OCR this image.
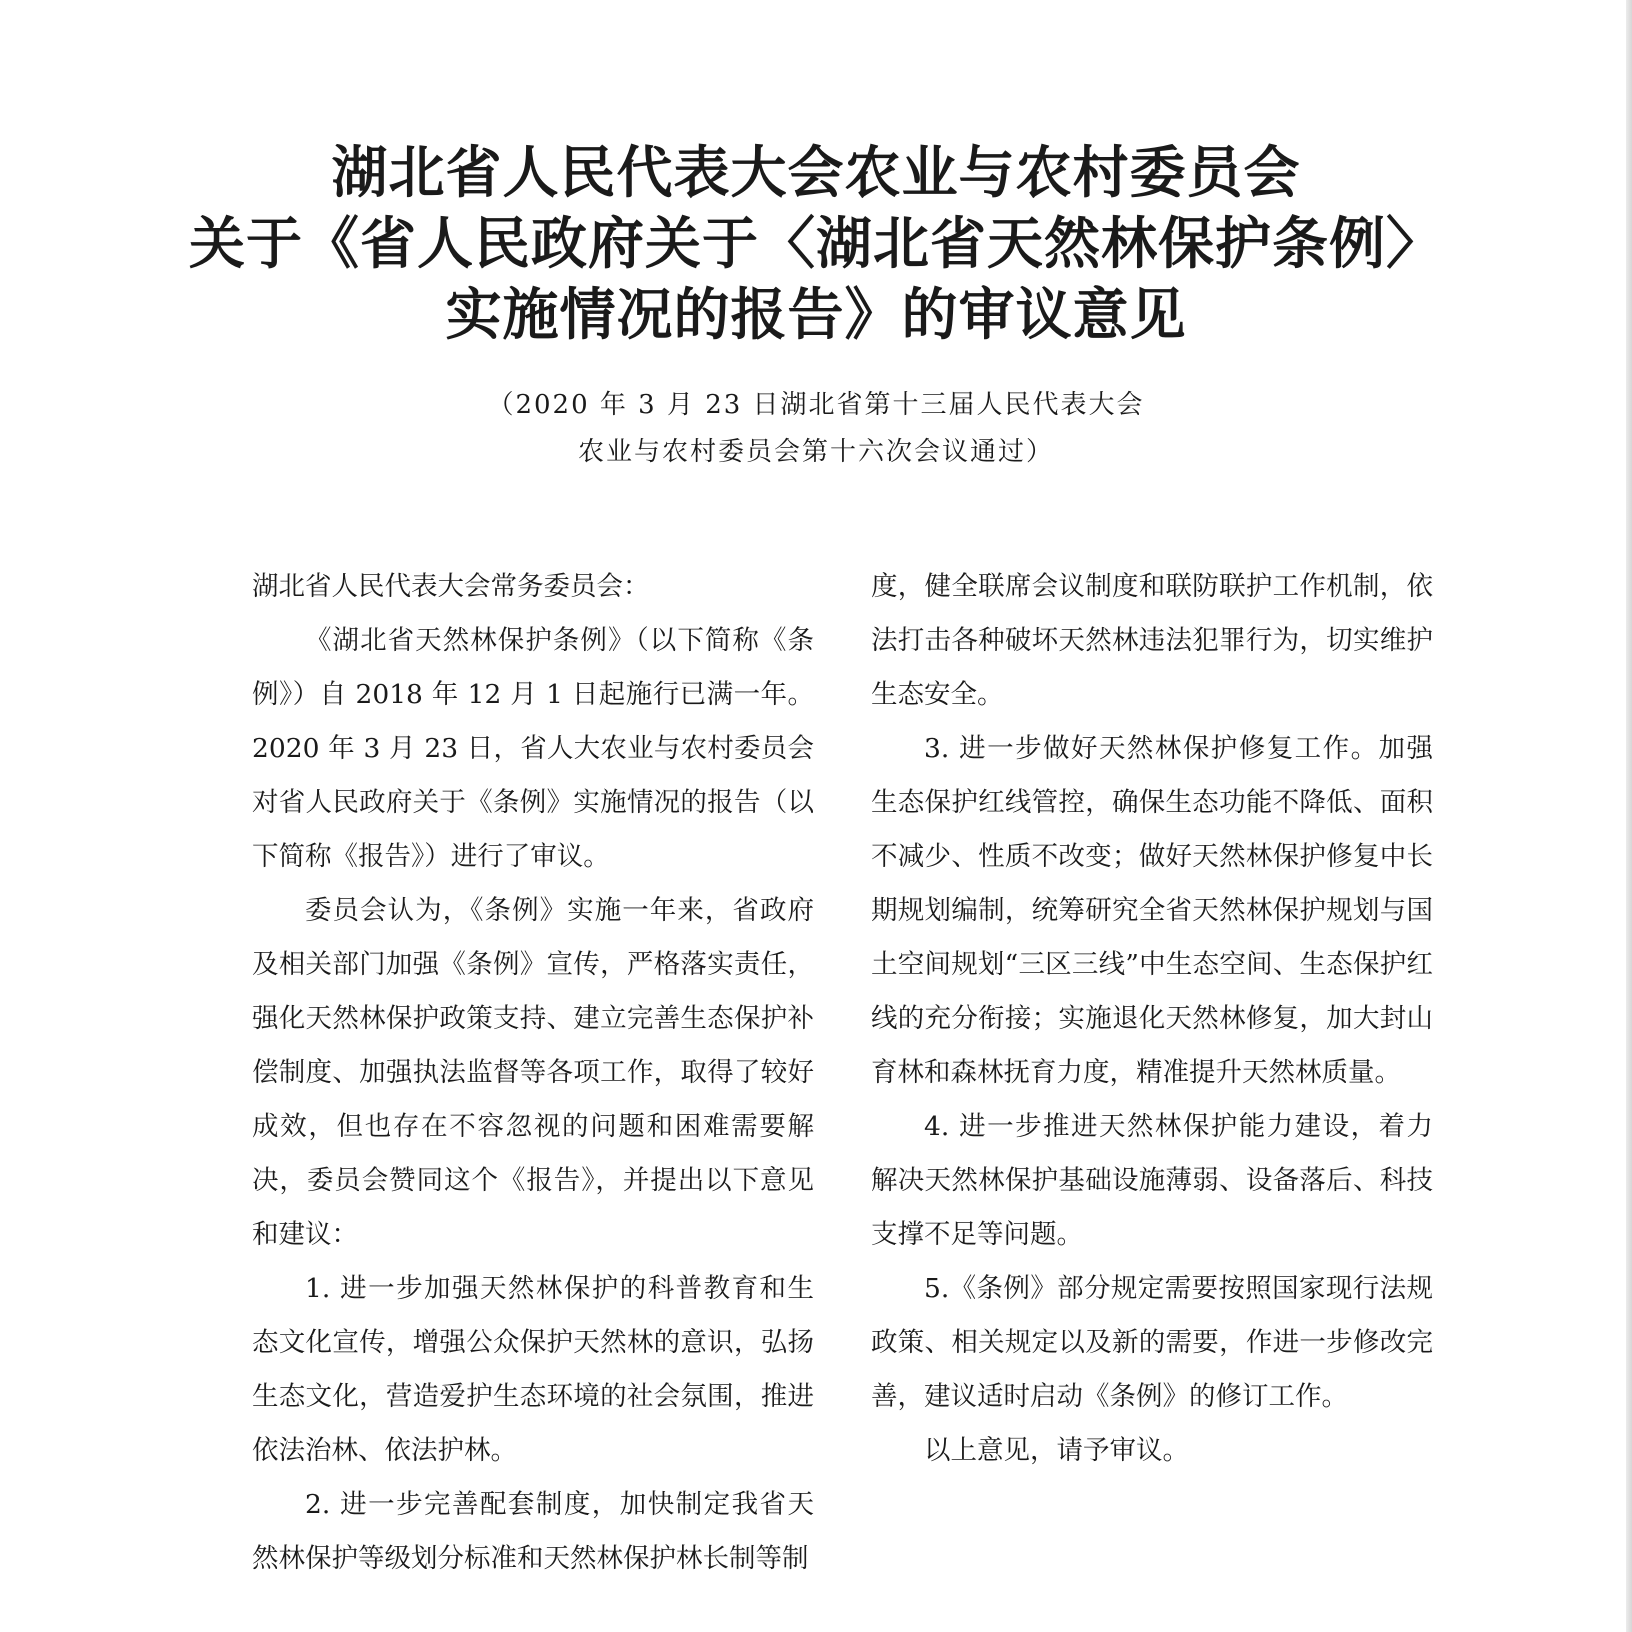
湖北省人民代表大会农业与农村委员会
关于《省人民政府关于〈湖北省天然林保护条例〉
实施情况的报告》的审议意见
（2020 年 3 月 23 日湖北省第十三届人民代表大会
农业与农村委员会第十六次会议通过）

湖北省人民代表大会常务委员会：

《湖北省天然林保护条例》（以下简称《条例》）自 2018 年 12 月 1 日起施行已满一年。2020 年 3 月 23 日，省人大农业与农村委员会对省人民政府关于《条例》实施情况的报告（以下简称《报告》）进行了审议。

委员会认为，《条例》实施一年来，省政府及相关部门加强《条例》宣传，严格落实责任，强化天然林保护政策支持、建立完善生态保护补偿制度、加强执法监督等各项工作，取得了较好成效，但也存在不容忽视的问题和困难需要解决，委员会赞同这个《报告》，并提出以下意见和建议：

1. 进一步加强天然林保护的科普教育和生态文化宣传，增强公众保护天然林的意识，弘扬生态文化，营造爱护生态环境的社会氛围，推进依法治林、依法护林。

2. 进一步完善配套制度，加快制定我省天然林保护等级划分标准和天然林保护林长制等制

度，健全联席会议制度和联防联护工作机制，依法打击各种破坏天然林违法犯罪行为，切实维护生态安全。

3. 进一步做好天然林保护修复工作。加强生态保护红线管控，确保生态功能不降低、面积不减少、性质不改变；做好天然林保护修复中长期规划编制，统筹研究全省天然林保护规划与国土空间规划“三区三线”中生态空间、生态保护红线的充分衔接；实施退化天然林修复，加大封山育林和森林抚育力度，精准提升天然林质量。

4. 进一步推进天然林保护能力建设，着力解决天然林保护基础设施薄弱、设备落后、科技支撑不足等问题。

5.《条例》部分规定需要按照国家现行法规政策、相关规定以及新的需要，作进一步修改完善，建议适时启动《条例》的修订工作。

以上意见，请予审议。
